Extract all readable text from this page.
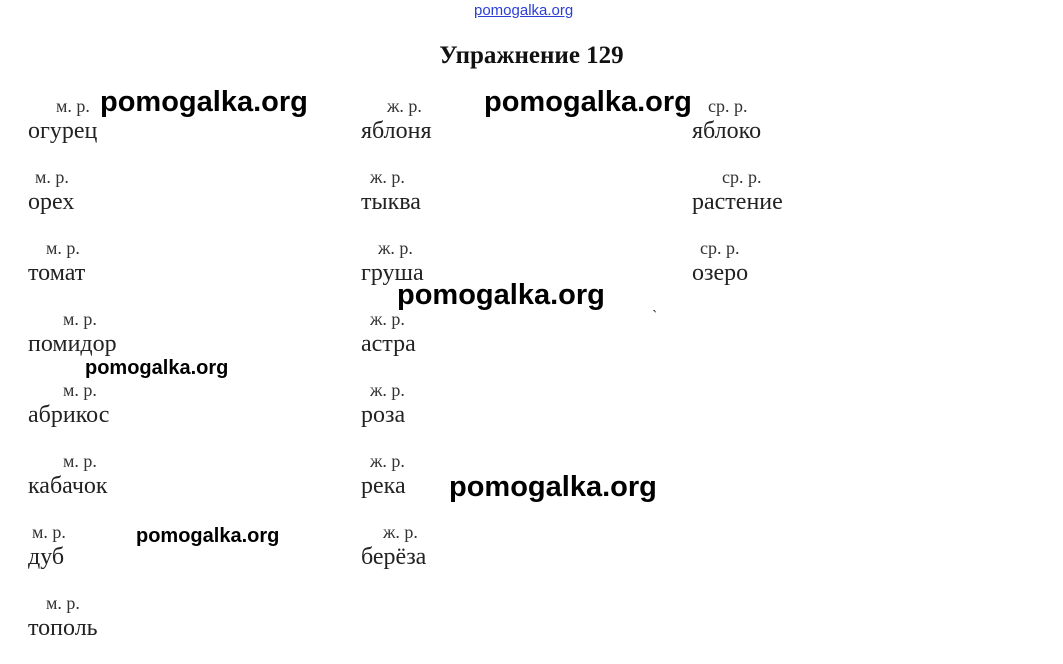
pomogalka.org
Упражнение 129
м. р.
огурец
м. р.
орех
м. р.
томат
м. р.
помидор
м. р.
абрикос
м. р.
кабачок
м. р.
дуб
м. р.
тополь
ж. р.
яблоня
ж. р.
тыква
ж. р.
груша
ж. р.
астра
ж. р.
роза
ж. р.
река
ж. р.
берёза
ср. р.
яблоко
ср. р.
растение
ср. р.
озеро
ˋ
pomogalka.org	pomogalka.org
pomogalka.org
pomogalka.org
pomogalka.org
pomogalka.org
